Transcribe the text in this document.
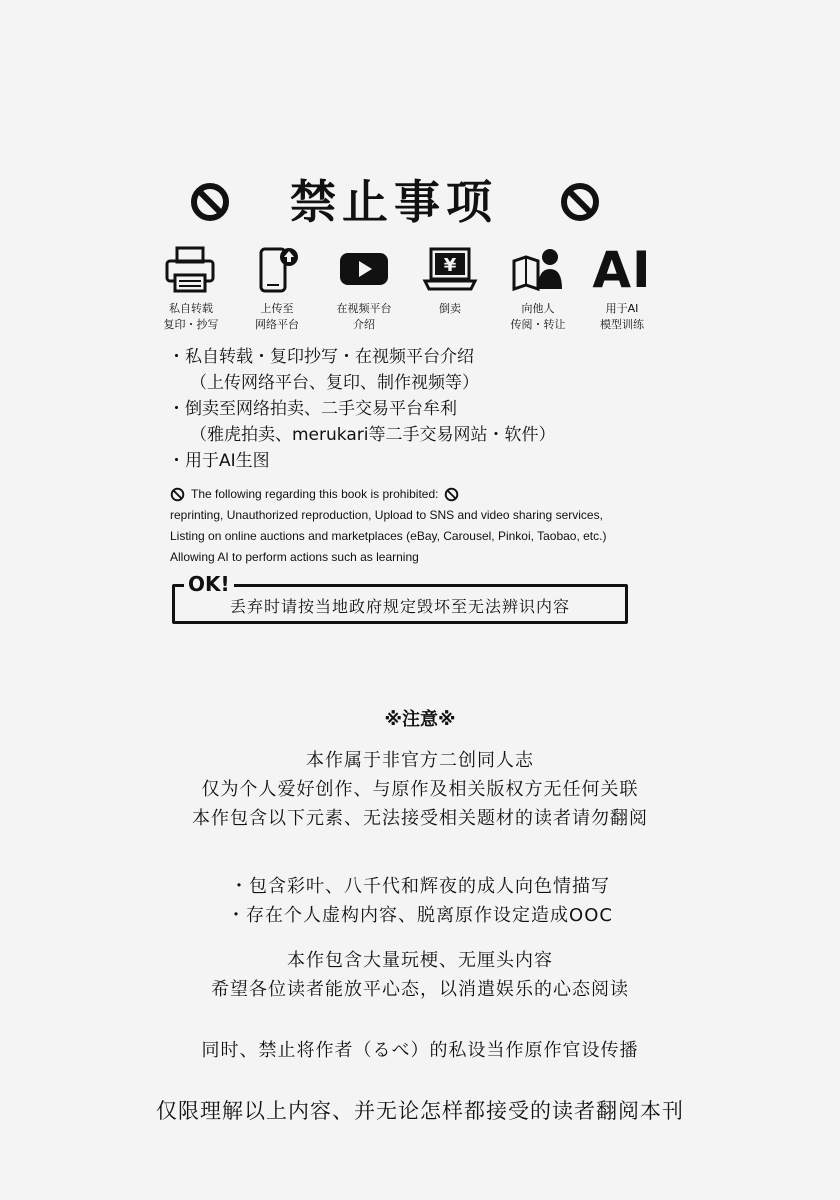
禁止事项
私自转载
复印・抄写
上传至
网络平台
在视频平台
介绍
¥
倒卖	向他人
传阅・转让
AI
用于AI
模型训练
・私自转载・复印抄写・在视频平台介绍
（上传网络平台、复印、制作视频等）
・倒卖至网络拍卖、二手交易平台牟利
（雅虎拍卖、merukari等二手交易网站・软件）
・用于AI生图
The following regarding this book is prohibited:
reprinting, Unauthorized reproduction, Upload to SNS and video sharing services,
Listing on online auctions and marketplaces (eBay, Carousel, Pinkoi, Taobao, etc.)
Allowing AI to perform actions such as learning
OK!
丢弃时请按当地政府规定毁坏至无法辨识内容
※注意※
本作属于非官方二创同人志
仅为个人爱好创作、与原作及相关版权方无任何关联
本作包含以下元素、无法接受相关题材的读者请勿翻阅
・包含彩叶、八千代和辉夜的成人向色情描写
・存在个人虚构内容、脱离原作设定造成OOC
本作包含大量玩梗、无厘头内容
希望各位读者能放平心态，以消遣娱乐的心态阅读
同时、禁止将作者（るべ）的私设当作原作官设传播
仅限理解以上内容、并无论怎样都接受的读者翻阅本刊
